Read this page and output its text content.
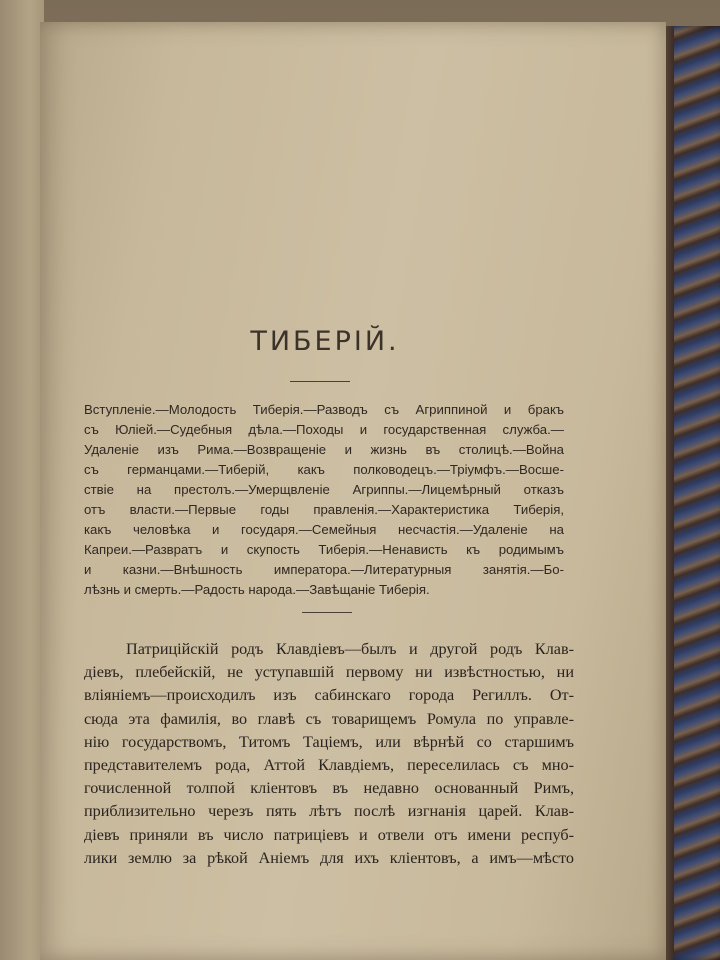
ТИБЕРІЙ.
Вступленіе.—Молодость Тиберія.—Разводъ съ Агриппиной и бракъ
съ Юліей.—Судебныя дѣла.—Походы и государственная служба.—
Удаленіе изъ Рима.—Возвращеніе и жизнь въ столицѣ.—Война
съ германцами.—Тиберій, какъ полководецъ.—Тріумфъ.—Восше-
ствіе на престолъ.—Умерщвленіе Агриппы.—Лицемѣрный отказъ
отъ власти.—Первые годы правленія.—Характеристика Тиберія,
какъ человѣка и государя.—Семейныя несчастія.—Удаленіе на
Капреи.—Развратъ и скупость Тиберія.—Ненависть къ родимымъ
и казни.—Внѣшность императора.—Литературныя занятія.—Бо-
лѣзнь и смерть.—Радость народа.—Завѣщаніе Тиберія.
Патриційскій родъ Клавдіевъ—былъ и другой родъ Клав-
діевъ, плебейскій, не уступавшій первому ни извѣстностью, ни
вліяніемъ—происходилъ изъ сабинскаго города Региллъ. От-
сюда эта фамилія, во главѣ съ товарищемъ Ромула по управле-
нію государствомъ, Титомъ Таціемъ, или вѣрнѣй со старшимъ
представителемъ рода, Аттой Клавдіемъ, переселилась съ мно-
гочисленной толпой кліентовъ въ недавно основанный Римъ,
приблизительно черезъ пять лѣтъ послѣ изгнанія царей. Клав-
діевъ приняли въ число патриціевъ и отвели отъ имени респуб-
лики землю за рѣкой Аніемъ для ихъ кліентовъ, а имъ—мѣсто
